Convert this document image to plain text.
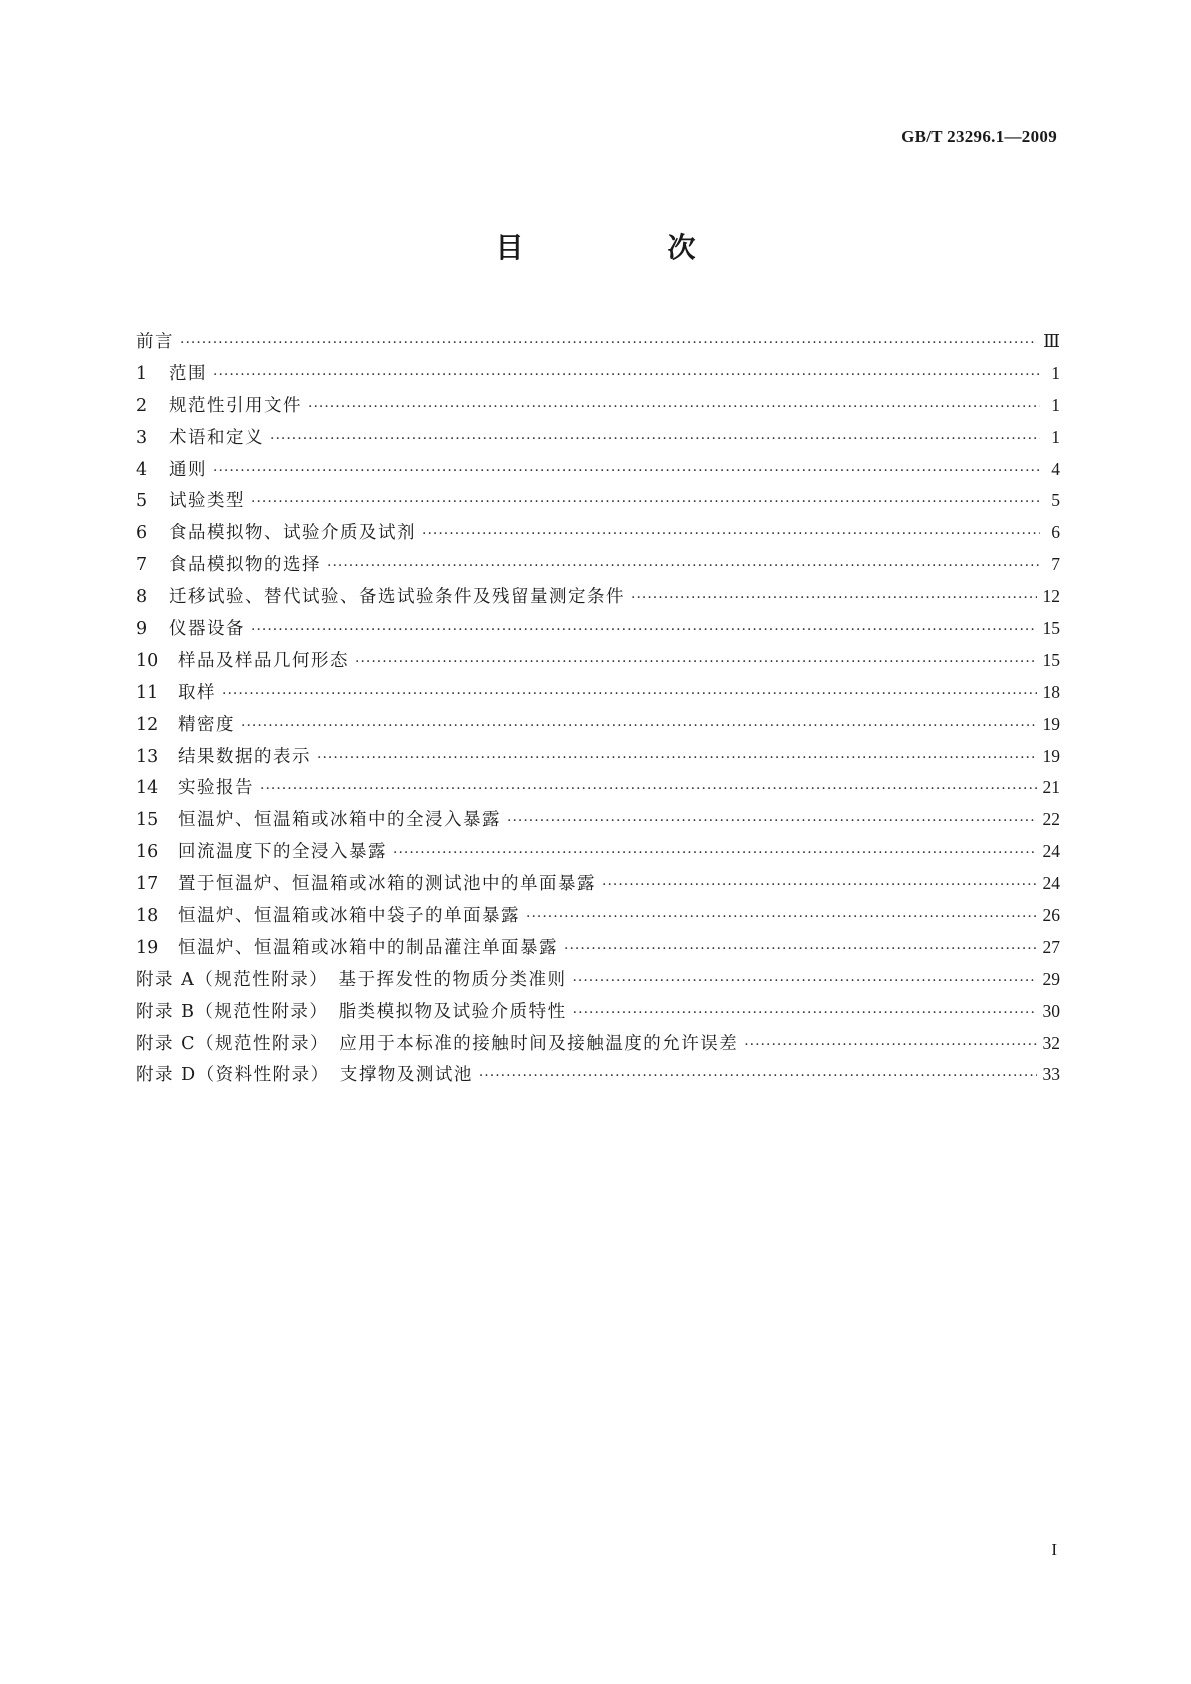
GB/T 23296.1—2009
目　次
前言 ·····	Ⅲ
1	范围 ·····	1
2	规范性引用文件 ·····	1
3	术语和定义 ·····	1
4	通则 ·····	4
5	试验类型 ·····	5
6	食品模拟物、试验介质及试剂 ·····	6
7	食品模拟物的选择 ·····	7
8	迁移试验、替代试验、备选试验条件及残留量测定条件 ·····	12
9	仪器设备 ·····	15
10	样品及样品几何形态 ·····	15
11	取样 ·····	18
12	精密度 ·····	19
13	结果数据的表示 ·····	19
14	实验报告 ·····	21
15	恒温炉、恒温箱或冰箱中的全浸入暴露 ·····	22
16	回流温度下的全浸入暴露 ·····	24
17	置于恒温炉、恒温箱或冰箱的测试池中的单面暴露 ·····	24
18	恒温炉、恒温箱或冰箱中袋子的单面暴露 ·····	26
19	恒温炉、恒温箱或冰箱中的制品灌注单面暴露 ·····	27
附录 A（规范性附录）　基于挥发性的物质分类准则 ·····	29
附录 B（规范性附录）　脂类模拟物及试验介质特性 ·····	30
附录 C（规范性附录）　应用于本标准的接触时间及接触温度的允许误差 ·····	32
附录 D（资料性附录）　支撑物及测试池 ·····	33
I
